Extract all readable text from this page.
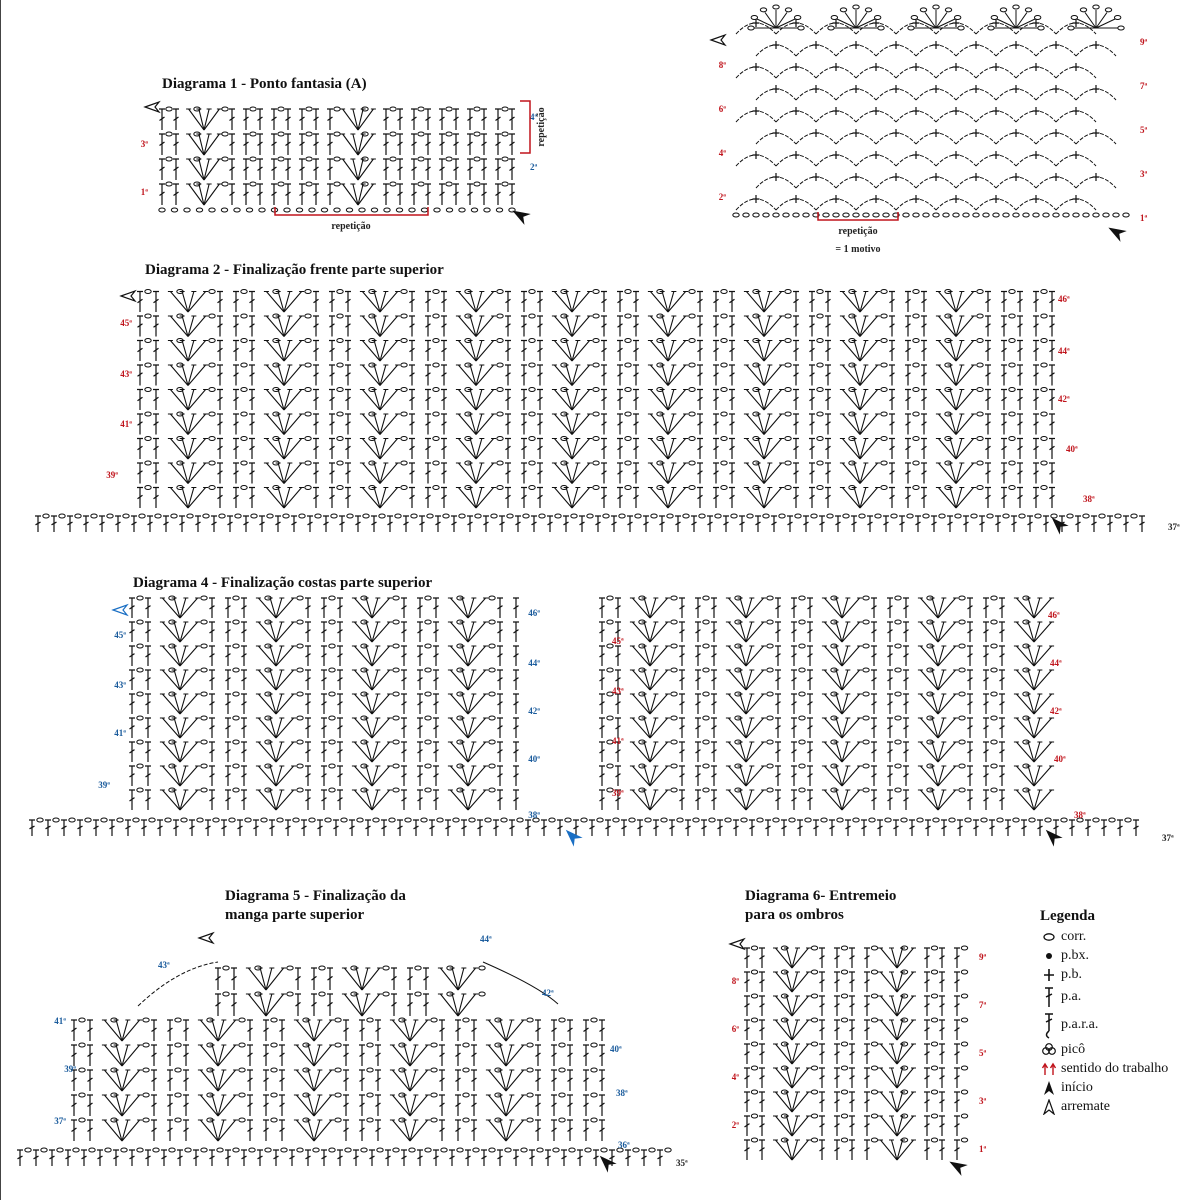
Diagrama 1 - Ponto fantasia (A)
1ª
2ª
3ª
4ª
repetição
repetição
1ª
3ª
5ª
7ª
9ª
2ª
4ª
6ª
8ª
repetição
= 1 motivo
Diagrama 2 - Finalização frente parte superior
37ª
38ª
39ª
40ª
41ª
42ª
43ª
44ª
45ª
46ª
Diagrama 4 - Finalização costas parte superior
37ª
38ª
39ª
40ª
41ª
42ª
43ª
44ª
45ª
46ª
38ª
39ª
40ª
41ª
42ª
43ª
44ª
45ª
46ª
Diagrama 5 - Finalização da
manga parte superior
35ª
36ª
37ª
38ª
39ª
40ª
41ª
42ª
43ª
44ª
Diagrama 6- Entremeio
para os ombros
1ª
3ª
5ª
7ª
9ª
2ª
4ª
6ª
8ª
Legenda
corr.
p.bx.
p.b.
p.a.
p.a.r.a.
picô
sentido do trabalho
início
arremate
